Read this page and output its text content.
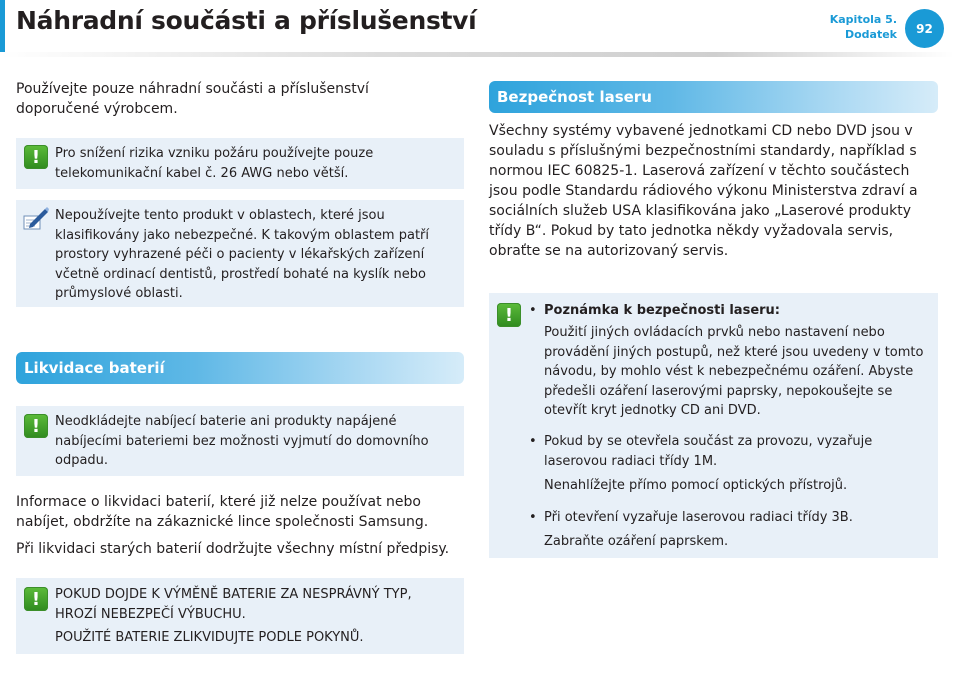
Náhradní součásti a příslušenství	Kapitola 5.
Dodatek	92

Používejte pouze náhradní součásti a příslušenství doporučené výrobcem.

!	Pro snížení rizika vzniku požáru používejte pouze telekomunikační kabel č. 26 AWG nebo větší.

Nepoužívejte tento produkt v oblastech, které jsou klasifikovány jako nebezpečné. K takovým oblastem patří prostory vyhrazené péči o pacienty v lékařských zařízení včetně ordinací dentistů, prostředí bohaté na kyslík nebo průmyslové oblasti.

Likvidace baterií
!	Neodkládejte nabíjecí baterie ani produkty napájené nabíjecími bateriemi bez možnosti vyjmutí do domovního odpadu.

Informace o likvidaci baterií, které již nelze používat nebo nabíjet, obdržíte na zákaznické lince společnosti Samsung.

Při likvidaci starých baterií dodržujte všechny místní předpisy.

!	POKUD DOJDE K VÝMĚNĚ BATERIE ZA NESPRÁVNÝ TYP, HROZÍ NEBEZPEČÍ VÝBUCHU.

POUŽITÉ BATERIE ZLIKVIDUJTE PODLE POKYNŮ.

Bezpečnost laseru

Všechny systémy vybavené jednotkami CD nebo DVD jsou v souladu s příslušnými bezpečnostními standardy, například s normou IEC 60825-1. Laserová zařízení v těchto součástech jsou podle Standardu rádiového výkonu Ministerstva zdraví a sociálních služeb USA klasifikována jako „Laserové produkty třídy B“. Pokud by tato jednotka někdy vyžadovala servis, obraťte se na autorizovaný servis.

!	• Poznámka k bezpečnosti laseru:

Použití jiných ovládacích prvků nebo nastavení nebo provádění jiných postupů, než které jsou uvedeny v tomto návodu, by mohlo vést k nebezpečnému ozáření. Abyste předešli ozáření laserovými paprsky, nepokoušejte se otevřít kryt jednotky CD ani DVD.

• Pokud by se otevřela součást za provozu, vyzařuje laserovou radiaci třídy 1M.

Nenahlížejte přímo pomocí optických přístrojů.

• Při otevření vyzařuje laserovou radiaci třídy 3B.

Zabraňte ozáření paprskem.
